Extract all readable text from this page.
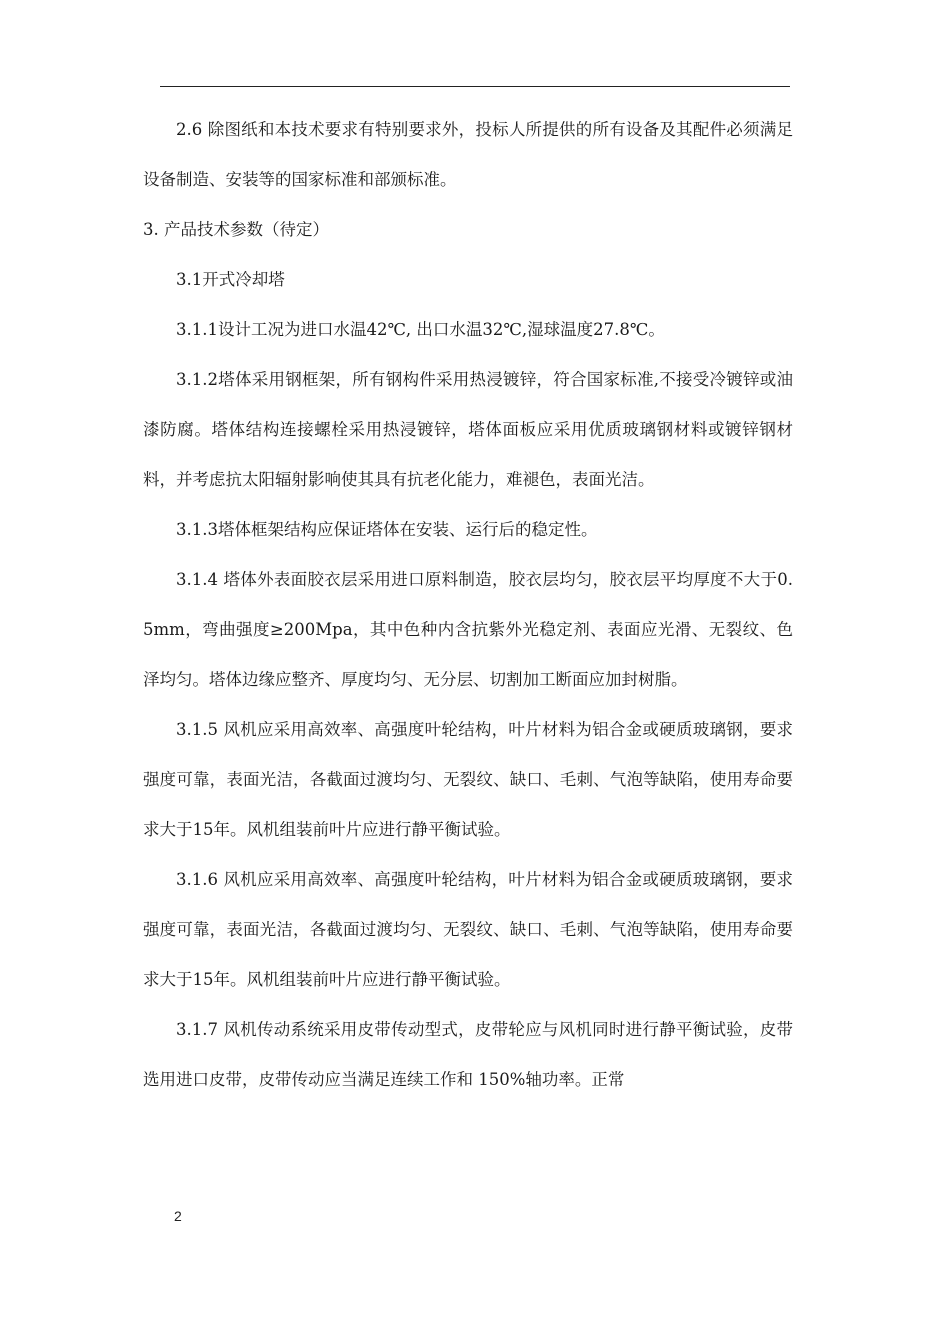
2.6 除图纸和本技术要求有特别要求外，投标人所提供的所有设备及其配件必须满足设备制造、安装等的国家标准和部颁标准。

3. 产品技术参数（待定）

3.1开式冷却塔

3.1.1设计工况为进口水温42℃, 出口水温32℃,湿球温度27.8℃。

3.1.2塔体采用钢框架，所有钢构件采用热浸镀锌，符合国家标准,不接受冷镀锌或油漆防腐。塔体结构连接螺栓采用热浸镀锌，塔体面板应采用优质玻璃钢材料或镀锌钢材料，并考虑抗太阳辐射影响使其具有抗老化能力，难褪色，表面光洁。

3.1.3塔体框架结构应保证塔体在安装、运行后的稳定性。

3.1.4 塔体外表面胶衣层采用进口原料制造，胶衣层均匀，胶衣层平均厚度不大于0.5mm，弯曲强度≥200Mpa，其中色种内含抗紫外光稳定剂、表面应光滑、无裂纹、色泽均匀。塔体边缘应整齐、厚度均匀、无分层、切割加工断面应加封树脂。

3.1.5 风机应采用高效率、高强度叶轮结构，叶片材料为铝合金或硬质玻璃钢，要求强度可靠，表面光洁，各截面过渡均匀、无裂纹、缺口、毛刺、气泡等缺陷，使用寿命要求大于15年。风机组装前叶片应进行静平衡试验。

3.1.6 风机应采用高效率、高强度叶轮结构，叶片材料为铝合金或硬质玻璃钢，要求强度可靠，表面光洁，各截面过渡均匀、无裂纹、缺口、毛刺、气泡等缺陷，使用寿命要求大于15年。风机组装前叶片应进行静平衡试验。

3.1.7 风机传动系统采用皮带传动型式，皮带轮应与风机同时进行静平衡试验，皮带选用进口皮带，皮带传动应当满足连续工作和 150%轴功率。正常

2
